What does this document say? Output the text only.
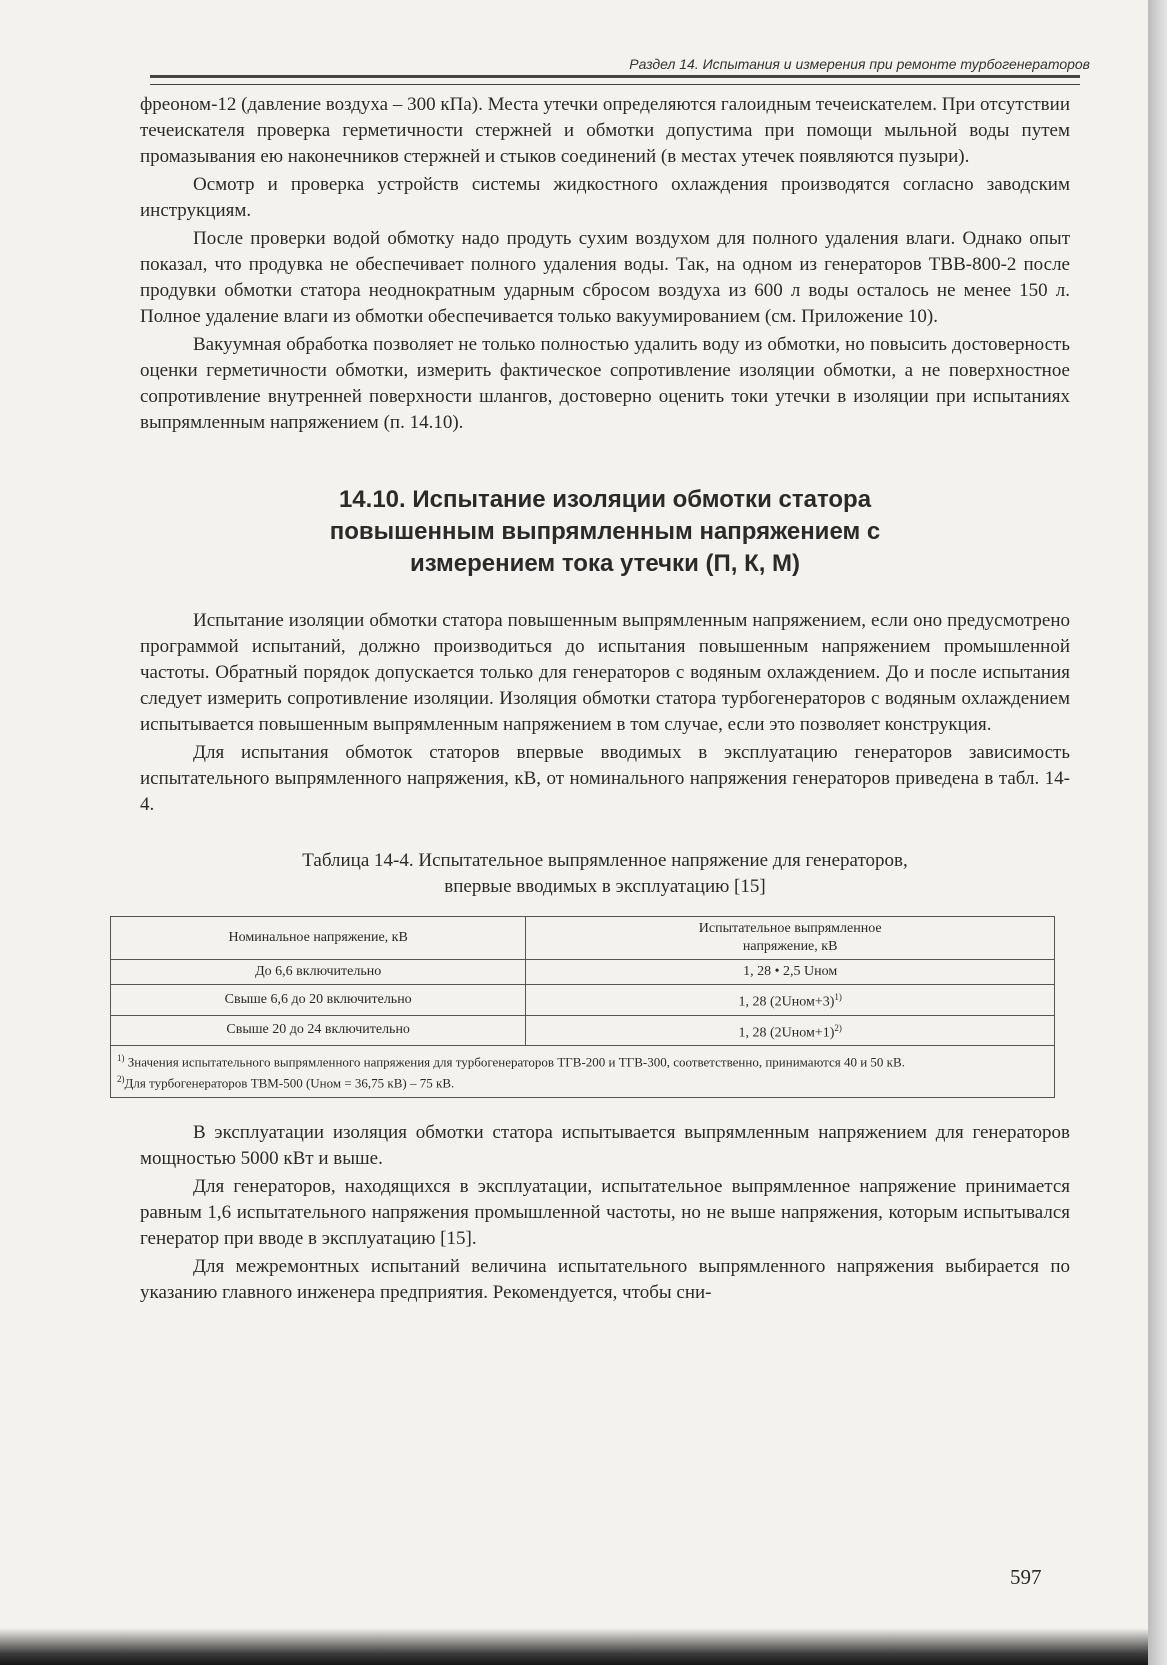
Раздел 14. Испытания и измерения при ремонте турбогенераторов

фреоном-12 (давление воздуха – 300 кПа). Места утечки определяются галоидным течеискателем. При отсутствии течеискателя проверка герметичности стержней и обмотки допустима при помощи мыльной воды путем промазывания ею наконечников стержней и стыков соединений (в местах утечек появляются пузыри).

Осмотр и проверка устройств системы жидкостного охлаждения производятся согласно заводским инструкциям.

После проверки водой обмотку надо продуть сухим воздухом для полного удаления влаги. Однако опыт показал, что продувка не обеспечивает полного удаления воды. Так, на одном из генераторов ТВВ-800-2 после продувки обмотки статора неоднократным ударным сбросом воздуха из 600 л воды осталось не менее 150 л. Полное удаление влаги из обмотки обеспечивается только вакуумированием (см. Приложение 10).

Вакуумная обработка позволяет не только полностью удалить воду из обмотки, но повысить достоверность оценки герметичности обмотки, измерить фактическое сопротивление изоляции обмотки, а не поверхностное сопротивление внутренней поверхности шлангов, достоверно оценить токи утечки в изоляции при испытаниях выпрямленным напряжением (п. 14.10).

14.10. Испытание изоляции обмотки статора
повышенным выпрямленным напряжением с
измерением тока утечки (П, К, М)

Испытание изоляции обмотки статора повышенным выпрямленным напряжением, если оно предусмотрено программой испытаний, должно производиться до испытания повышенным напряжением промышленной частоты. Обратный порядок допускается только для генераторов с водяным охлаждением. До и после испытания следует измерить сопротивление изоляции. Изоляция обмотки статора турбогенераторов с водяным охлаждением испытывается повышенным выпрямленным напряжением в том случае, если это позволяет конструкция.

Для испытания обмоток статоров впервые вводимых в эксплуатацию генераторов зависимость испытательного выпрямленного напряжения, кВ, от номинального напряжения генераторов приведена в табл. 14-4.

Таблица 14-4. Испытательное выпрямленное напряжение для генераторов,
впервые вводимых в эксплуатацию [15]
Номинальное напряжение, кВ	Испытательное выпрямленное
напряжение, кВ

До 6,6 включительно	1, 28 • 2,5 Uном
Свыше 6,6 до 20 включительно	1, 28 (2Uном+3)$^{1)}$
Свыше 20 до 24 включительно	1, 28 (2Uном+1)$^{2)}$

$^{1)}$ Значения испытательного выпрямленного напряжения для турбогенераторов ТГВ-200 и ТГВ-300, соответственно, принимаются 40 и 50 кВ.
$^{2)}$Для турбогенераторов ТВМ-500 (Uном = 36,75 кВ) – 75 кВ.	

В эксплуатации изоляция обмотки статора испытывается выпрямленным напряжением для генераторов мощностью 5000 кВт и выше.

Для генераторов, находящихся в эксплуатации, испытательное выпрямленное напряжение принимается равным 1,6 испытательного напряжения промышленной частоты, но не выше напряжения, которым испытывался генератор при вводе в эксплуатацию [15].

Для межремонтных испытаний величина испытательного выпрямленного напряжения выбирается по указанию главного инженера предприятия. Рекомендуется, чтобы сни-

597
